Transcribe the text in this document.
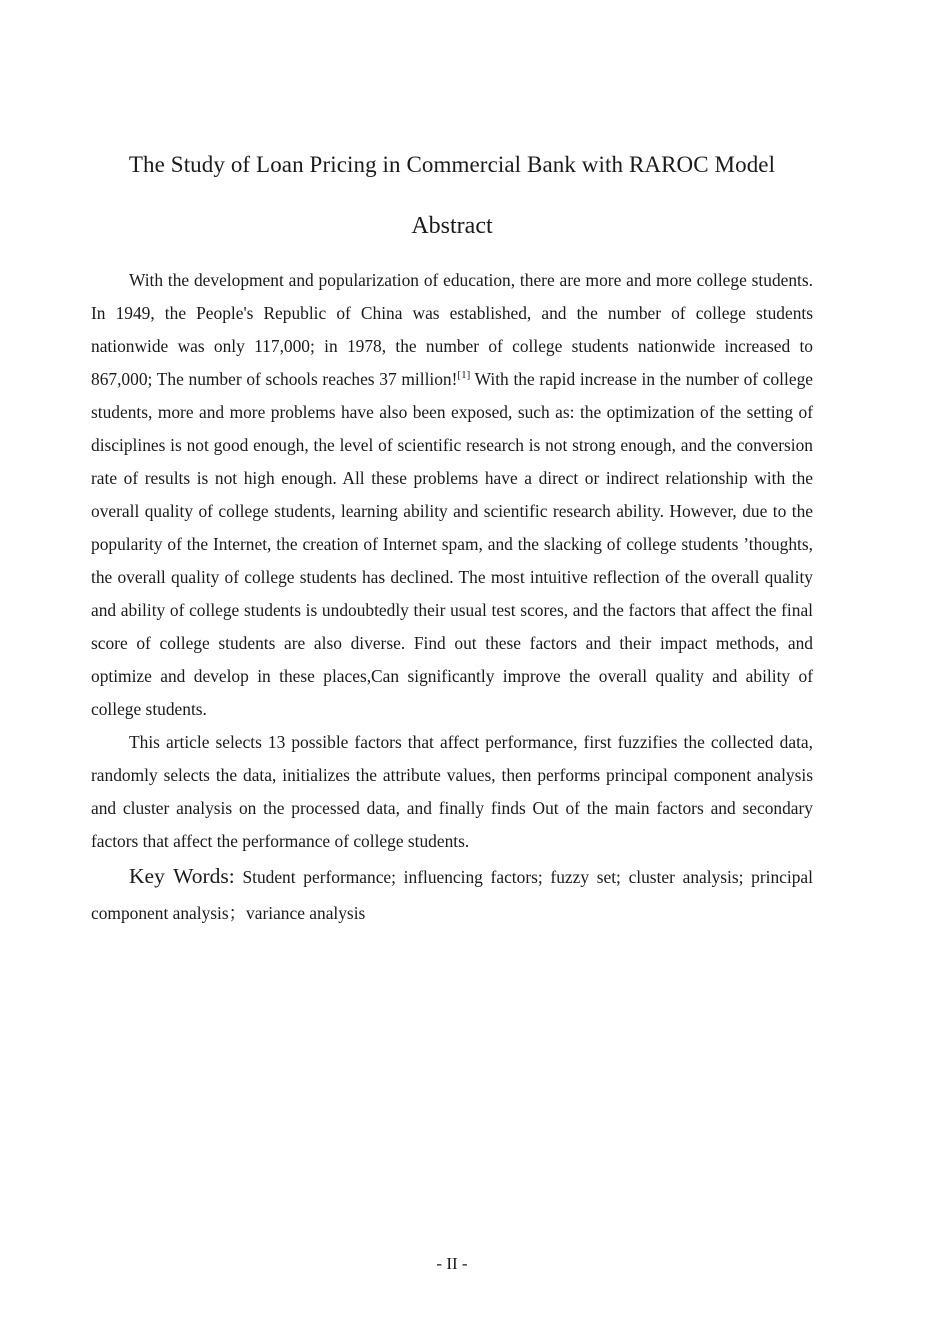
The Study of Loan Pricing in Commercial Bank with RAROC Model
Abstract

With the development and popularization of education, there are more and more college students. In 1949, the People's Republic of China was established, and the number of college students nationwide was only 117,000; in 1978, the number of college students nationwide increased to 867,000; The number of schools reaches 37 million![1] With the rapid increase in the number of college students, more and more problems have also been exposed, such as: the optimization of the setting of disciplines is not good enough, the level of scientific research is not strong enough, and the conversion rate of results is not high enough. All these problems have a direct or indirect relationship with the overall quality of college students, learning ability and scientific research ability. However, due to the popularity of the Internet, the creation of Internet spam, and the slacking of college students ’thoughts, the overall quality of college students has declined. The most intuitive reflection of the overall quality and ability of college students is undoubtedly their usual test scores, and the factors that affect the final score of college students are also diverse. Find out these factors and their impact methods, and optimize and develop in these places,Can significantly improve the overall quality and ability of college students.

This article selects 13 possible factors that affect performance, first fuzzifies the collected data, randomly selects the data, initializes the attribute values, then performs principal component analysis and cluster analysis on the processed data, and finally finds Out of the main factors and secondary factors that affect the performance of college students.

Key Words: Student performance; influencing factors; fuzzy set; cluster analysis; principal component analysis；variance analysis

- II -
